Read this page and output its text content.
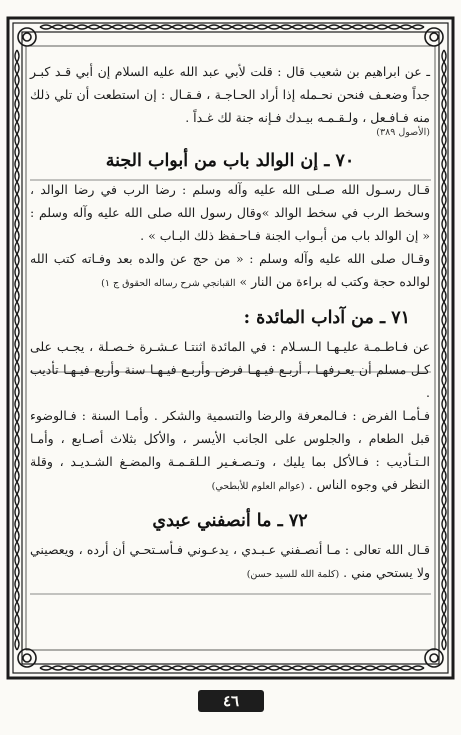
ـ عن ابراهيم بن شعيب قال : قلت لأبي عبد الله عليه السلام إن أبي قـد كبـر جداً وضعـف فنحن نحـمله إذا أراد الحـاجـة ، فـقـال : إن استطعت أن تلي ذلك منه فـافـعل ، ولـقـمـه بيـدك فـإنه جنة لك غـداً .

(الأصول ٣٨٩)
٧٠ ـ إن الوالد باب من أبواب الجنة

قـال رسـول الله صـلى الله عليه وآله وسلم : رضا الرب في رضا الوالد ، وسخط الرب في سخط الوالد »وقال رسول الله صلى الله عليه وآله وسلم : « إن الوالد باب من أبـواب الجنة فـاحـفظ ذلك البـاب » .

وقـال صلى الله عليه وآله وسلم : « من حج عن والده بعد وفـاته كتب الله لوالده حجة وكتب له براءة من النار » القبانجي شرح رساله الحقوق ج ١)

٧١ ـ من آداب المائدة :

عن فـاطـمـة عليـهـا الـسـلام : في المائدة اثنتـا عـشـرة خـصـلة ، يجـب على كـل مسلم أن يعـرفهـا ، أربـع فيـهـا فرض وأربـع فيـهـا سنة وأربع فيـهـا تأديب .

فـأمـا الفرض : فـالمعرفة والرضا والتسمية والشكر . وأمـا السنة : فـالوضوء قبل الطعام ، والجلوس على الجانب الأيسر ، والأكل بثلاث أصـابع ، وأمـا الـتـأديب : فـالأكل بما يليك ، وتـصـغـير الـلقـمـة والمضـغ الشـديـد ، وقلة النظر في وجوه الناس . (عوالم العلوم للأبطحي)

٧٢ ـ ما أنصفني عبدي

قـال الله تعالى : مـا أنصـفني عـبـدي ، يدعـوني فـأسـتحـي أن أرده ، ويعصيني ولا يستحي مني . (كلمة الله للسيد حسن)

٤٦
